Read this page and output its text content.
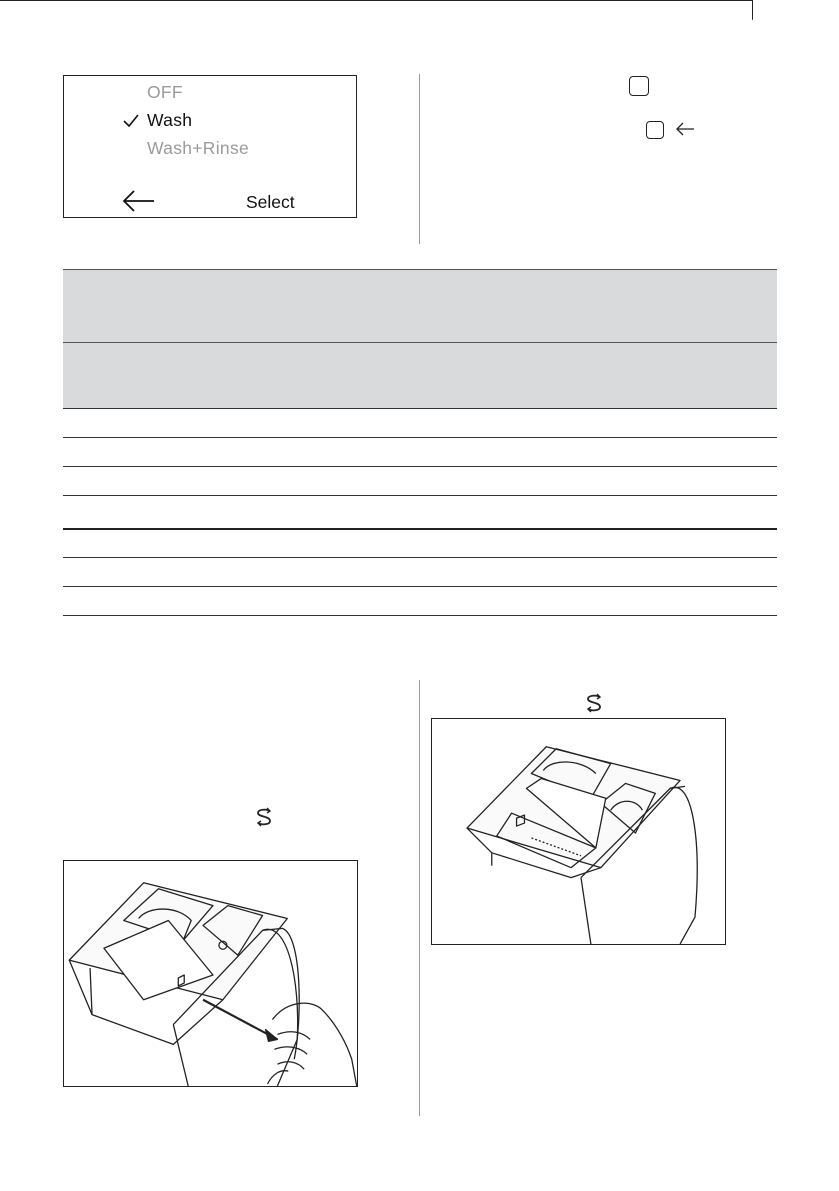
OFF
Wash
Wash+Rinse
Select
